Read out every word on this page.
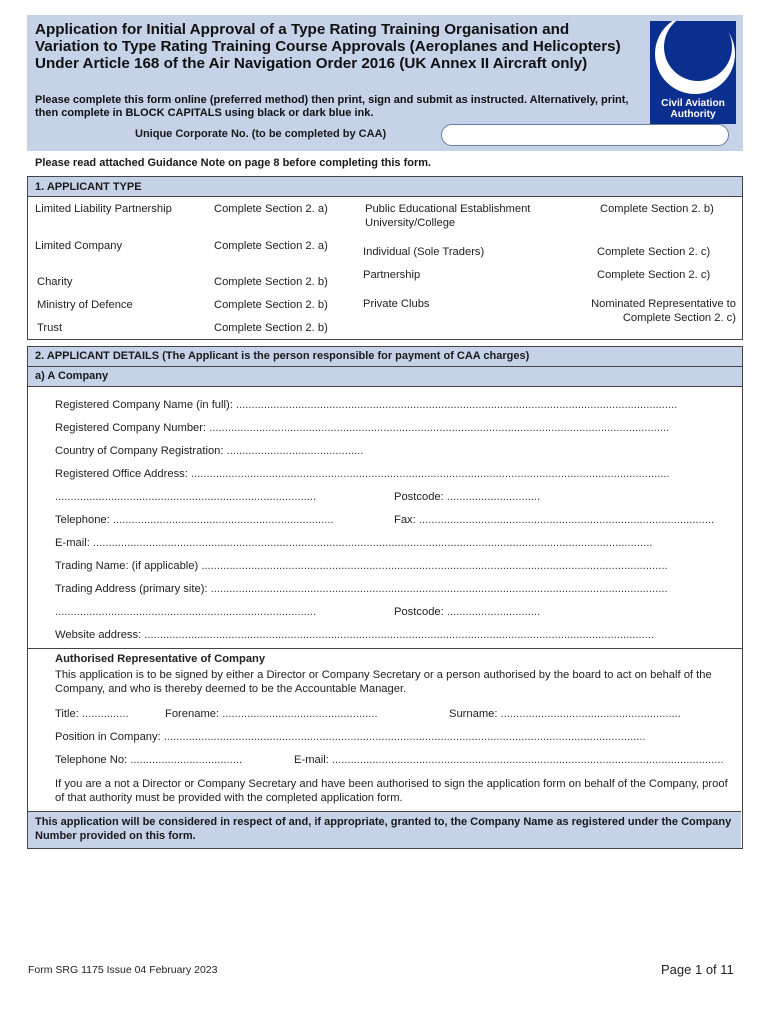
Application for Initial Approval of a Type Rating Training Organisation and Variation to Type Rating Training Course Approvals (Aeroplanes and Helicopters) Under Article 168 of the Air Navigation Order 2016 (UK Annex II Aircraft only)
Please complete this form online (preferred method) then print, sign and submit as instructed. Alternatively, print, then complete in BLOCK CAPITALS using black or dark blue ink.
Unique Corporate No. (to be completed by CAA)
Civil Aviation
Authority
Please read attached Guidance Note on page 8 before completing this form.
1. APPLICANT TYPE
Limited Liability Partnership	Complete Section 2. a)
Limited Company	Complete Section 2. a)
Charity	Complete Section 2. b)
Ministry of Defence	Complete Section 2. b)
Trust	Complete Section 2. b)
Public Educational Establishment University/College
Complete Section 2. b)
Individual (Sole Traders)	Complete Section 2. c)
Partnership	Complete Section 2. c)
Private Clubs	Nominated Representative to Complete Section 2. c)
2. APPLICANT DETAILS (The Applicant is the person responsible for payment of CAA charges)
a) A Company
Registered Company Name (in full): ..............................................................................................................................................
Registered Company Number: ....................................................................................................................................................
Country of Company Registration: ............................................
Registered Office Address: ..........................................................................................................................................................
....................................................................................	Postcode: ..............................
Telephone: .......................................................................	Fax: ...............................................................................................
E-mail: ....................................................................................................................................................................................
Trading Name: (if applicable) ......................................................................................................................................................
Trading Address (primary site): ...................................................................................................................................................
....................................................................................	Postcode: ..............................
Website address: ....................................................................................................................................................................
Authorised Representative of Company
This application is to be signed by either a Director or Company Secretary or a person authorised by the board to act on behalf of the Company, and who is thereby deemed to be the Accountable Manager.
Title: ...............	Forename: ..................................................	Surname: ..........................................................
Position in Company: ...........................................................................................................................................................
Telephone No: ....................................	E-mail: ..............................................................................................................................
If you are a not a Director or Company Secretary and have been authorised to sign the application form on behalf of the Company, proof of that authority must be provided with the completed application form.
This application will be considered in respect of and, if appropriate, granted to, the Company Name as registered under the Company Number provided on this form.
Form SRG 1175 Issue 04 February 2023	Page 1 of 11
